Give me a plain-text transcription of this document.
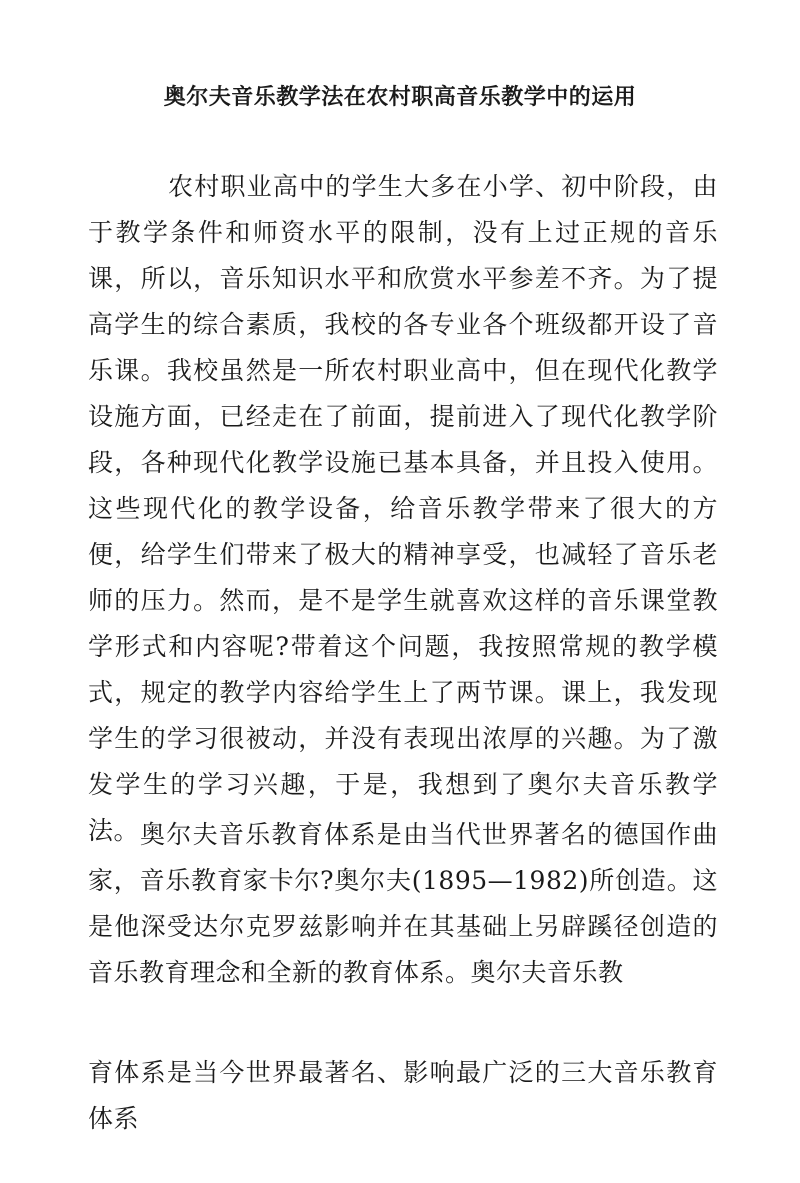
奥尔夫音乐教学法在农村职高音乐教学中的运用
农村职业高中的学生大多在小学、初中阶段，由于教学条件和师资水平的限制，没有上过正规的音乐课，所以，音乐知识水平和欣赏水平参差不齐。为了提高学生的综合素质，我校的各专业各个班级都开设了音乐课。我校虽然是一所农村职业高中，但在现代化教学设施方面，已经走在了前面，提前进入了现代化教学阶段，各种现代化教学设施已基本具备，并且投入使用。这些现代化的教学设备，给音乐教学带来了很大的方便，给学生们带来了极大的精神享受，也减轻了音乐老师的压力。然而，是不是学生就喜欢这样的音乐课堂教学形式和内容呢?带着这个问题，我按照常规的教学模式，规定的教学内容给学生上了两节课。课上，我发现学生的学习很被动，并没有表现出浓厚的兴趣。为了激发学生的学习兴趣，于是，我想到了奥尔夫音乐教学法。 奥尔夫音乐教育体系是由当代世界著名的德国作曲家，音乐教育家卡尔?奥尔夫(1895—1982)所创造。这是他深受达尔克罗兹影响并在其基础上另辟蹊径创造的音乐教育理念和全新的教育体系。奥尔夫音乐教
育体系是当今世界最著名、影响最广泛的三大音乐教育体系
